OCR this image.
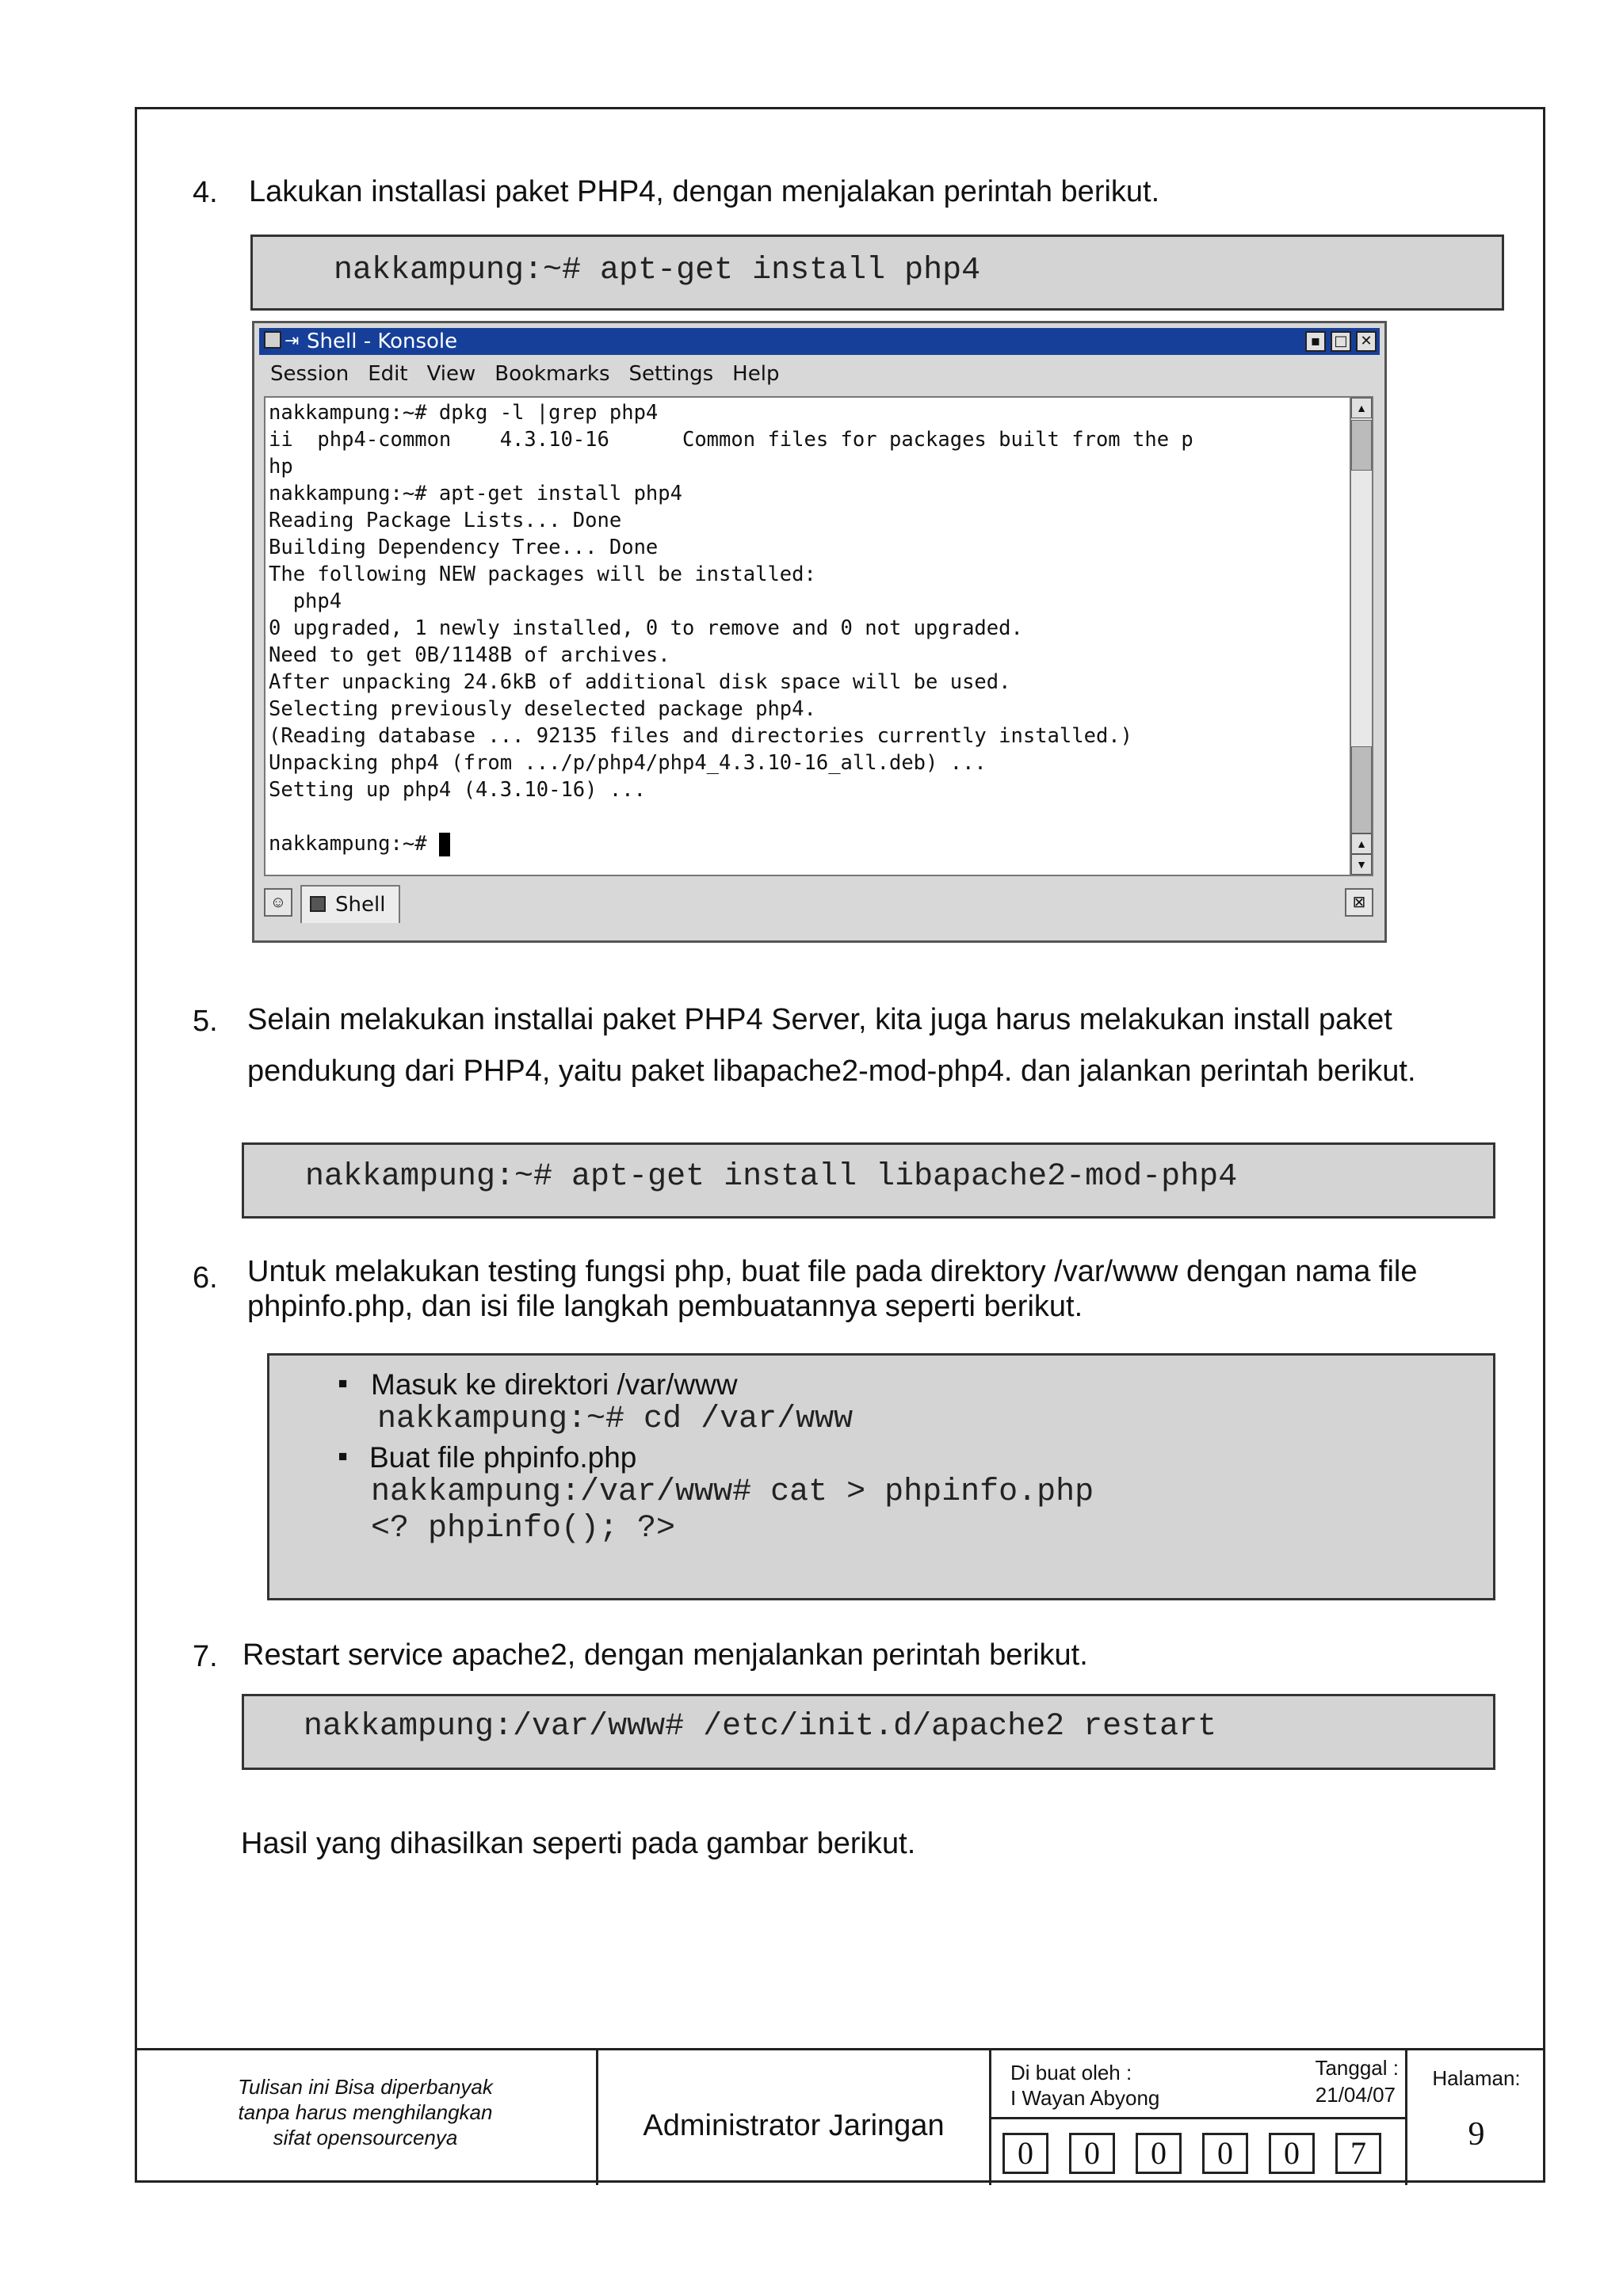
4. Lakukan installasi paket PHP4, dengan menjalakan perintah berikut.
nakkampung:~# apt-get install php4
⇥ Shell - Konsole	▪ □ ✕
Session Edit View Bookmarks Settings Help
nakkampung:~# dpkg -l |grep php4
ii  php4-common    4.3.10-16      Common files for packages built from the p
hp
nakkampung:~# apt-get install php4
Reading Package Lists... Done
Building Dependency Tree... Done
The following NEW packages will be installed:
php4
0 upgraded, 1 newly installed, 0 to remove and 0 not upgraded.
Need to get 0B/1148B of archives.
After unpacking 24.6kB of additional disk space will be used.
Selecting previously deselected package php4.
(Reading database ... 92135 files and directories currently installed.)
Unpacking php4 (from .../p/php4/php4_4.3.10-16_all.deb) ...
Setting up php4 (4.3.10-16) ...

nakkampung:~#
▲
▲
▼
☺ Shell	⊠
5. Selain melakukan installai paket PHP4 Server, kita juga harus melakukan install paket
pendukung dari PHP4, yaitu paket libapache2-mod-php4. dan jalankan perintah berikut.
nakkampung:~# apt-get install libapache2-mod-php4
6. Untuk melakukan testing fungsi php, buat file pada direktory /var/www dengan nama file
phpinfo.php, dan isi file langkah pembuatannya seperti berikut.
▪ Masuk ke direktori /var/www
nakkampung:~# cd /var/www
▪ Buat file phpinfo.php
nakkampung:/var/www# cat > phpinfo.php
<? phpinfo(); ?>
7. Restart service apache2, dengan menjalankan perintah berikut.
nakkampung:/var/www# /etc/init.d/apache2 restart
Hasil yang dihasilkan seperti pada gambar berikut.
Tulisan ini Bisa diperbanyak
tanpa harus menghilangkan
sifat opensourcenya	Administrator Jaringan
Di buat oleh :
I Wayan Abyong
Tanggal :
21/04/07
0	0	0	0	0	7
Halaman:
9
